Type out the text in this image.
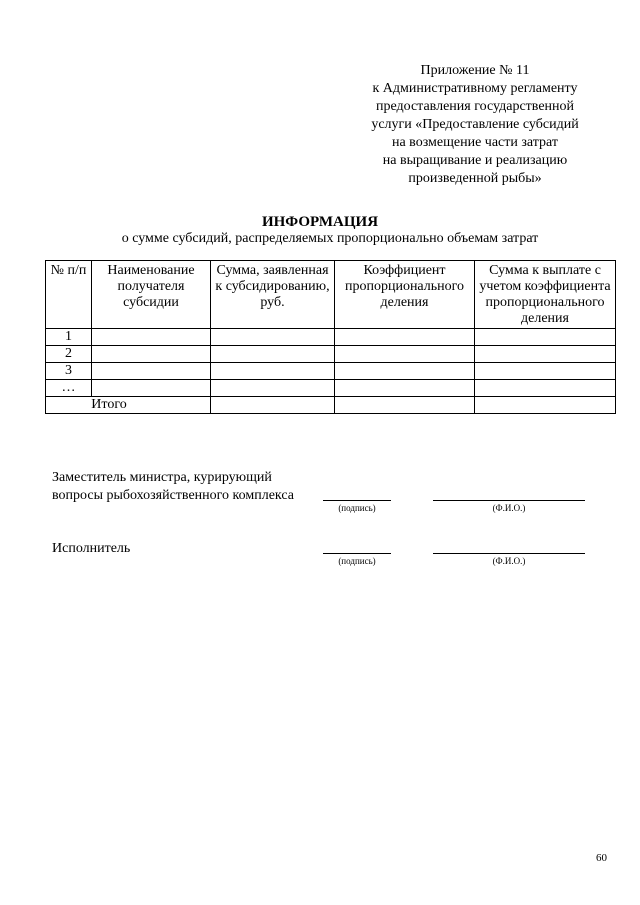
Приложение № 11
к Административному регламенту
предоставления государственной
услуги «Предоставление субсидий
на возмещение части затрат
на выращивание и реализацию
произведенной рыбы»
ИНФОРМАЦИЯ
о сумме субсидий, распределяемых пропорционально объемам затрат
№ п/п	Наименование получателя субсидии	Сумма, заявленная к субсидированию, руб.	Коэффициент пропорционального деления	Сумма к выплате с учетом коэффициента пропорционального деления
1				
2				
3				
…				
Итого				
Заместитель министра, курирующий
вопросы рыбохозяйственного комплекса
(подпись)	(Ф.И.О.)
Исполнитель
(подпись)	(Ф.И.О.)
60
